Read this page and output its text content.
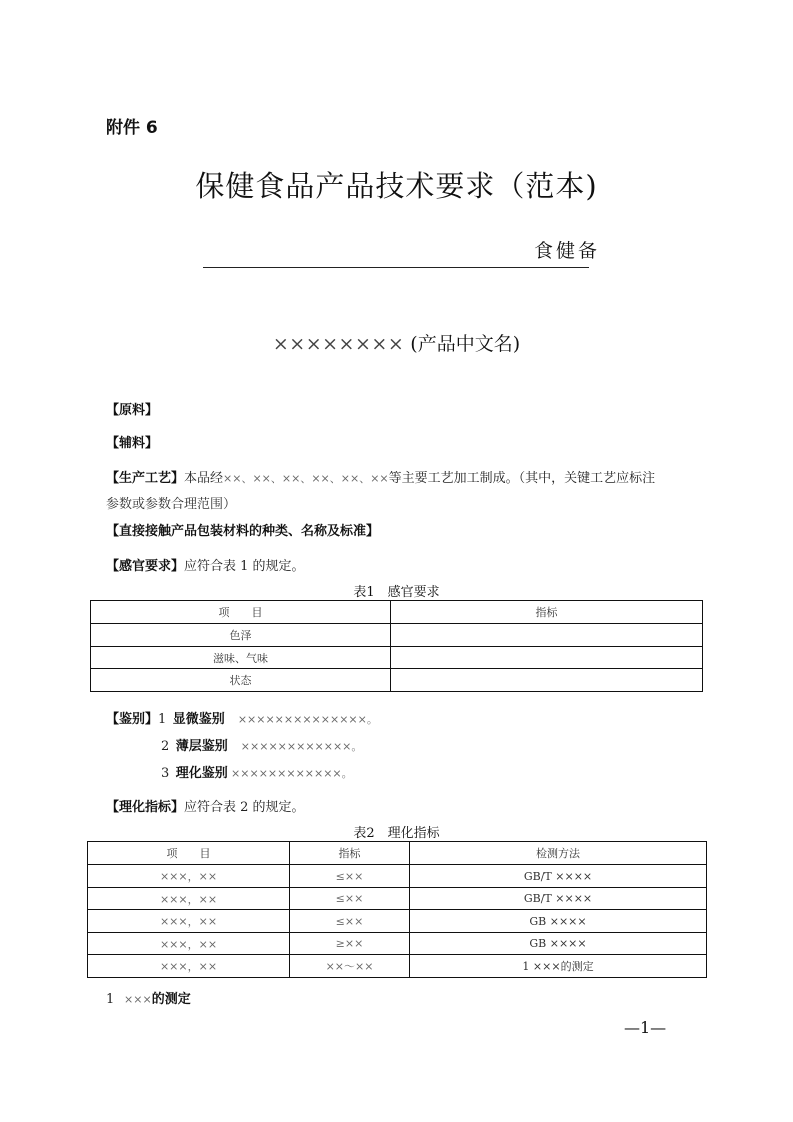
附件 6
保健食品产品技术要求（范本)
食健备
×××××××× (产品中文名)
【原料】
【辅料】
【生产工艺】本品经××、××、××、××、××、××等主要工艺加工制成。（其中，关键工艺应标注
参数或参数合理范围）
【直接接触产品包装材料的种类、名称及标准】
【感官要求】应符合表 1 的规定。
表1　感官要求
项　　目	指标
色泽	
滋味、气味	
状态	
【鉴别】1 显微鉴别 ××××××××××××××。
2 薄层鉴别 ××××××××××××。
3 理化鉴别 ××××××××××××。
【理化指标】应符合表 2 的规定。
表2　理化指标
项　　目	指标	检测方法
×××，××	≤××	GB/T ××××
×××，××	≤××	GB/T ××××
×××，××	≤××	GB ××××
×××，××	≥××	GB ××××
×××，××	××～××	1 ×××的测定
1 ×××的测定
—1—
